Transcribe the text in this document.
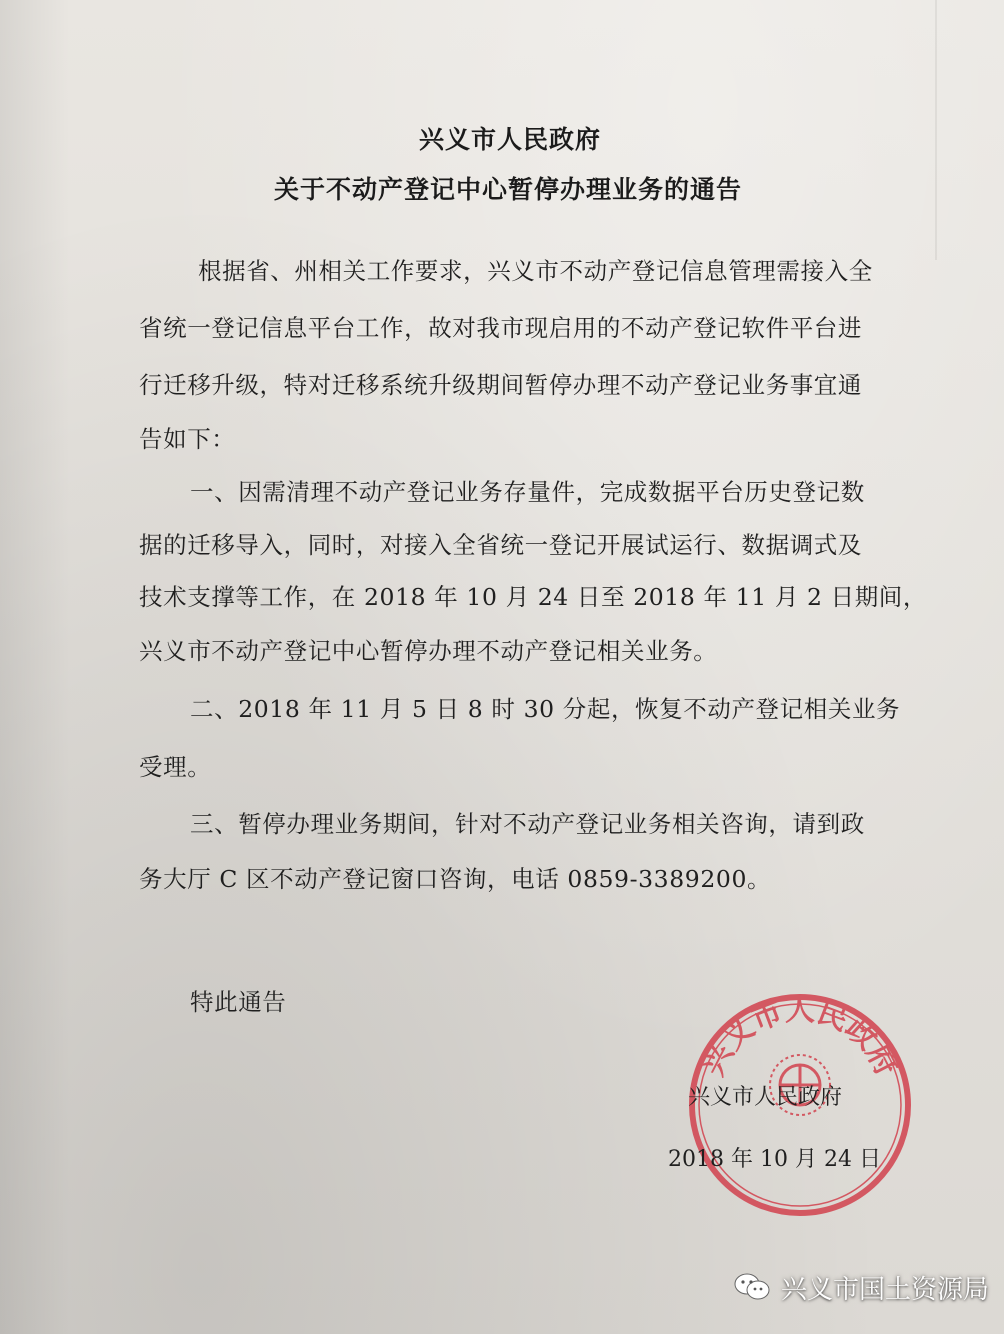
兴义市人民政府
关于不动产登记中心暂停办理业务的通告

根据省、州相关工作要求，兴义市不动产登记信息管理需接入全

省统一登记信息平台工作，故对我市现启用的不动产登记软件平台进

行迁移升级，特对迁移系统升级期间暂停办理不动产登记业务事宜通

告如下：

一、因需清理不动产登记业务存量件，完成数据平台历史登记数

据的迁移导入，同时，对接入全省统一登记开展试运行、数据调式及

技术支撑等工作，在 2018 年 10 月 24 日至 2018 年 11 月 2 日期间，

兴义市不动产登记中心暂停办理不动产登记相关业务。

二、2018 年 11 月 5 日 8 时 30 分起，恢复不动产登记相关业务

受理。

三、暂停办理业务期间，针对不动产登记业务相关咨询，请到政

务大厅 C 区不动产登记窗口咨询，电话 0859-3389200。

特此通告

兴义市人民政府

兴义市人民政府

2018 年 10 月 24 日

兴义市国土资源局
